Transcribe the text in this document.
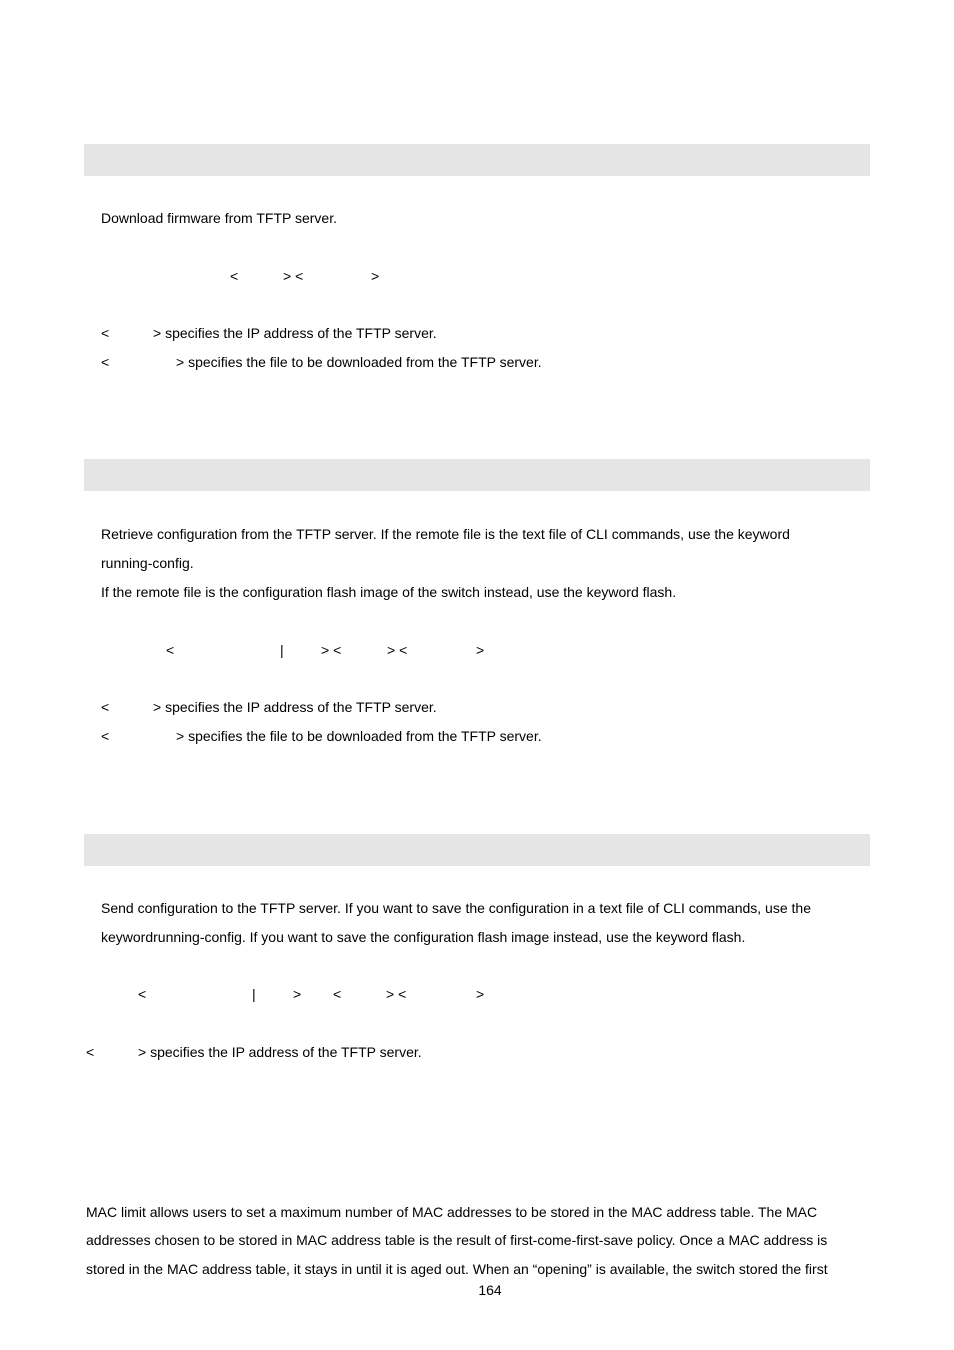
Download firmware from TFTP server.
<	> <	>
<	> specifies the IP address of the TFTP server.
<	> specifies the file to be downloaded from the TFTP server.
Retrieve configuration from the TFTP server. If the remote file is the text file of CLI commands, use the keyword
running-config.
If the remote file is the configuration flash image of the switch instead, use the keyword flash.
<	|	> <	> <	>
<	> specifies the IP address of the TFTP server.
<	> specifies the file to be downloaded from the TFTP server.
Send configuration to the TFTP server. If you want to save the configuration in a text file of CLI commands, use the
keywordrunning-config. If you want to save the configuration flash image instead, use the keyword flash.
<	|	> <	> <	>
<	> specifies the IP address of the TFTP server.
MAC limit allows users to set a maximum number of MAC addresses to be stored in the MAC address table. The MAC
addresses chosen to be stored in MAC address table is the result of first-come-first-save policy. Once a MAC address is
stored in the MAC address table, it stays in until it is aged out. When an “opening” is available, the switch stored the first
164
